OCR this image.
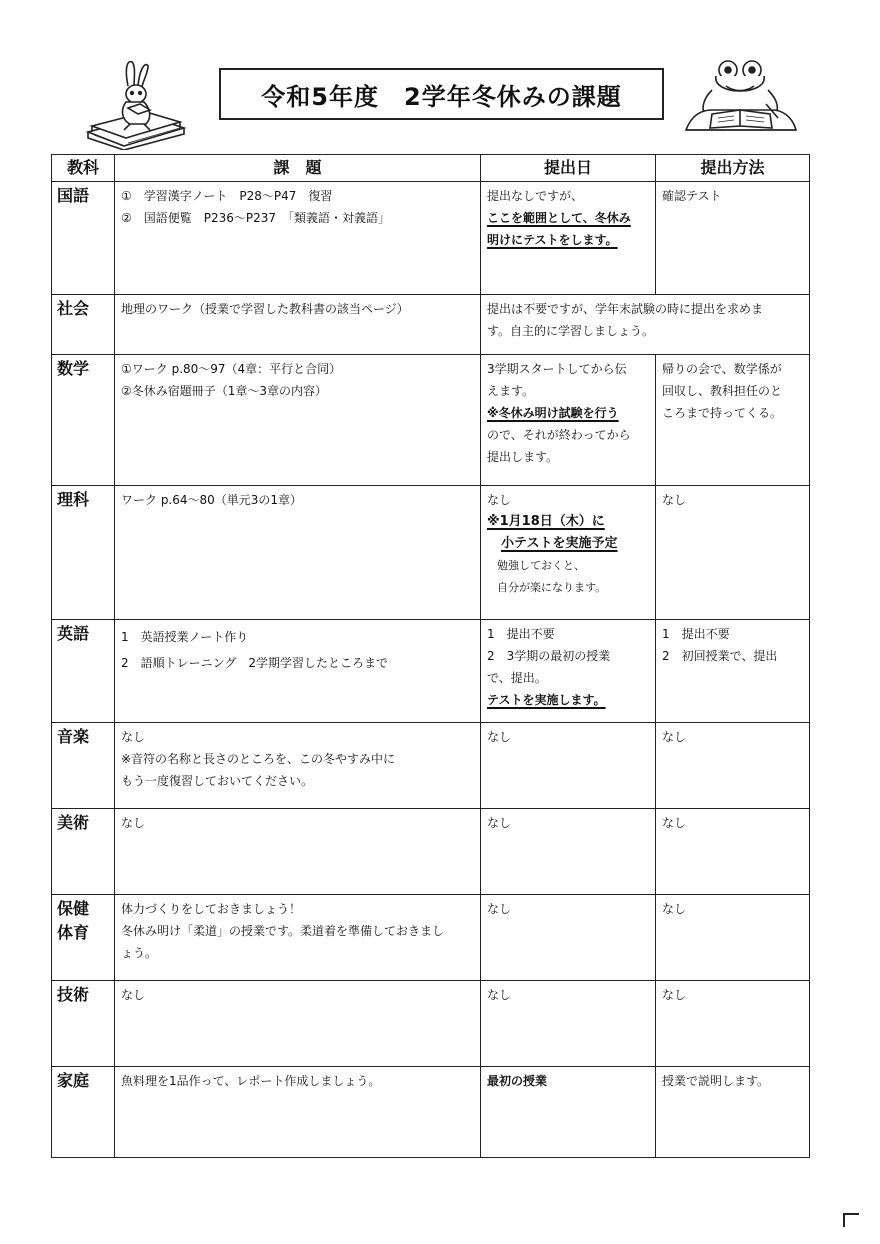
令和5年度　2学年冬休みの課題
教科	課　題	提出日	提出方法

国語	①　学習漢字ノート　P28〜P47　復習
②　国語便覧　P236〜P237　「類義語・対義語」	提出なしですが、
ここを範囲として、冬休み
明けにテストをします。	確認テスト

社会	地理のワーク（授業で学習した教科書の該当ページ）	提出は不要ですが、学年末試験の時に提出を求めま
す。自主的に学習しましょう。	

数学	①ワーク p.80〜97（4章：平行と合同）
②冬休み宿題冊子（1章〜3章の内容）	3学期スタートしてから伝
えます。
※冬休み明け試験を行う
ので、それが終わってから
提出します。	帰りの会で、数学係が
回収し、教科担任のと
ころまで持ってくる。

理科	ワーク p.64〜80（単元3の1章）	なし
※1月18日（木）に
小テストを実施予定
勉強しておくと、
自分が楽になります。	なし

英語	1　英語授業ノート作り
2　語順トレーニング　2学期学習したところまで	1　提出不要
2　3学期の最初の授業
で、提出。
テストを実施します。	1　提出不要
2　初回授業で、提出

音楽	なし
※音符の名称と長さのところを、この冬やすみ中に
もう一度復習しておいてください。	なし	なし

美術	なし	なし	なし

保健
体育	体力づくりをしておきましょう！
冬休み明け「柔道」の授業です。柔道着を準備しておきまし
ょう。	なし	なし

技術	なし	なし	なし

家庭	魚料理を1品作って、レポート作成しましょう。	最初の授業	授業で説明します。
